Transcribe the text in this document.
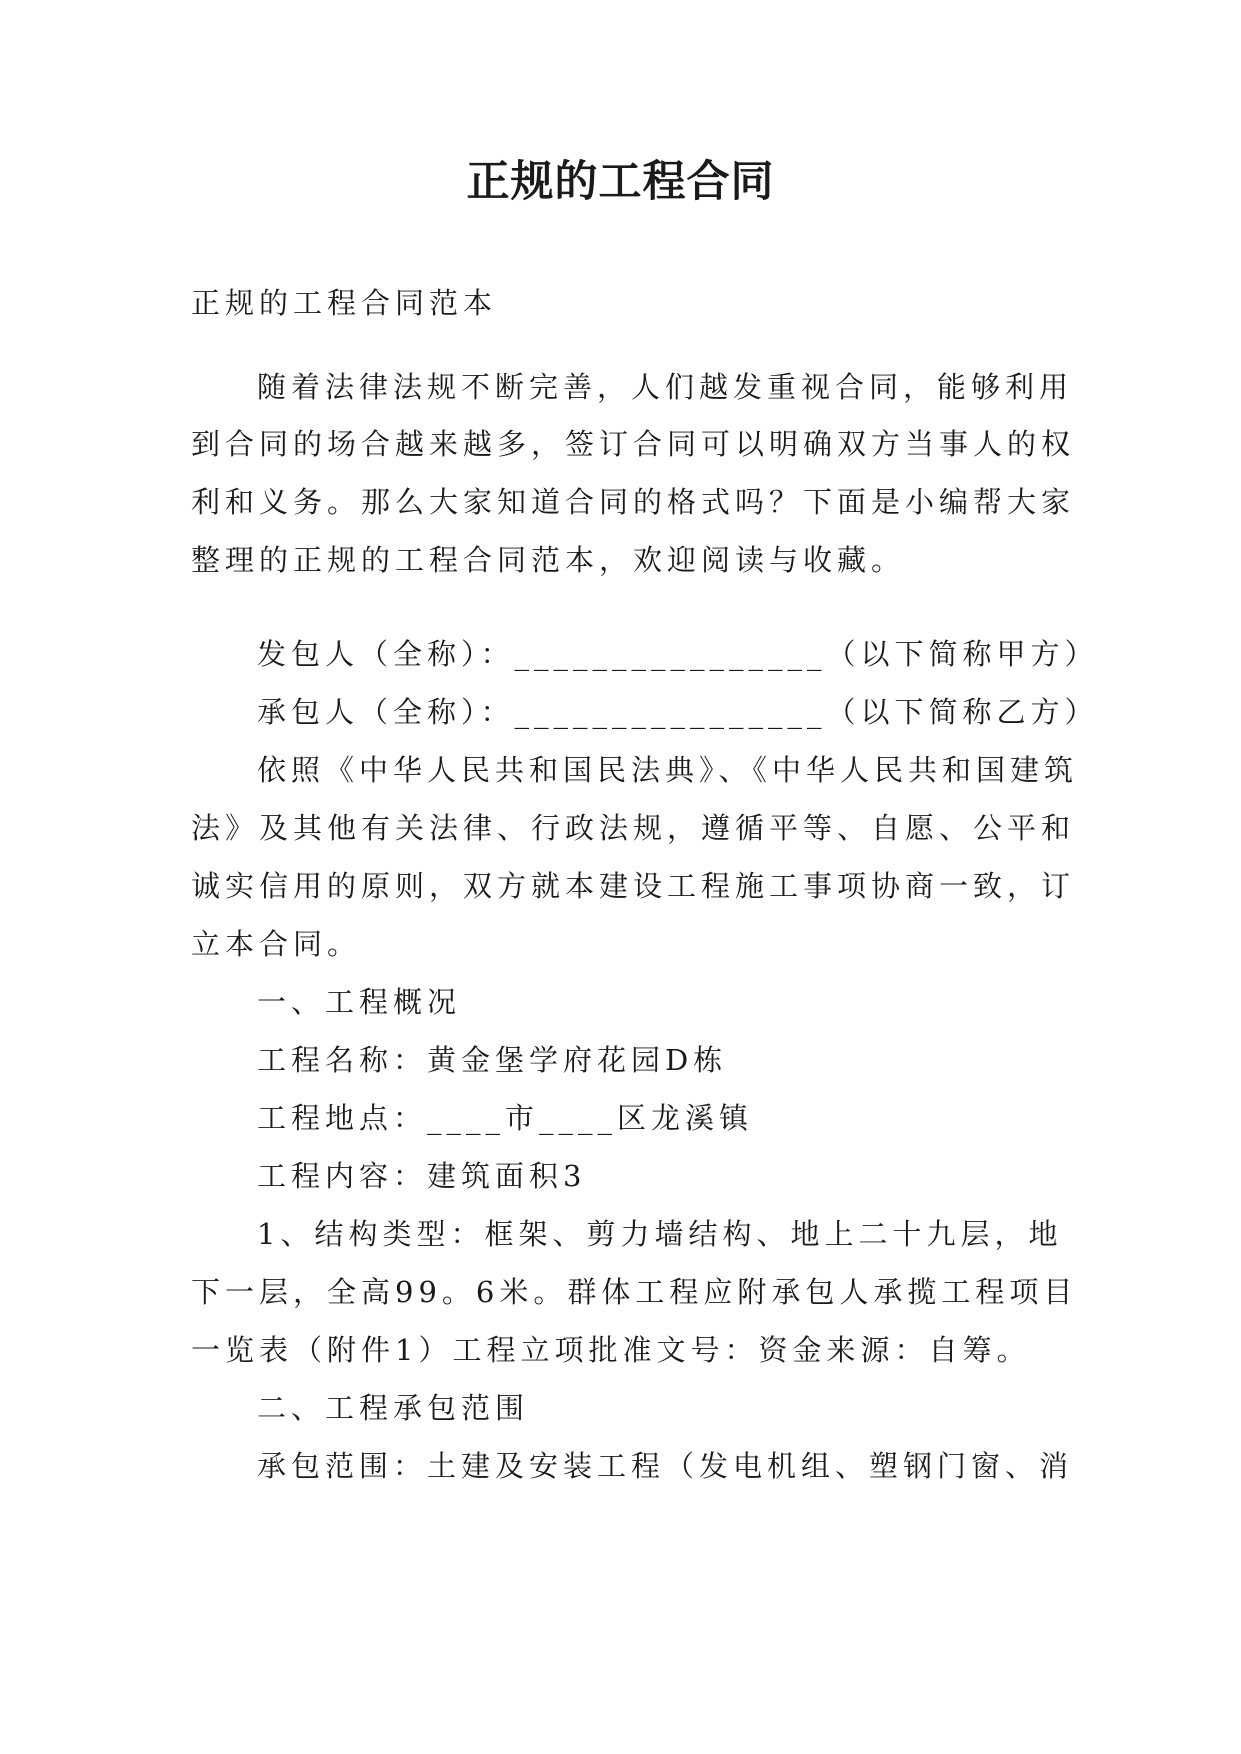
正规的工程合同

正规的工程合同范本

随着法律法规不断完善，人们越发重视合同，能够利用

到合同的场合越来越多，签订合同可以明确双方当事人的权

利和义务。那么大家知道合同的格式吗？下面是小编帮大家

整理的正规的工程合同范本，欢迎阅读与收藏。

发包人（全称）：________________（以下简称甲方）

承包人（全称）：________________（以下简称乙方）

依照《中华人民共和国民法典》、《中华人民共和国建筑

法》及其他有关法律、行政法规，遵循平等、自愿、公平和

诚实信用的原则，双方就本建设工程施工事项协商一致，订

立本合同。

一、工程概况

工程名称：黄金堡学府花园D栋

工程地点：____市____区龙溪镇

工程内容：建筑面积3

1、结构类型：框架、剪力墙结构、地上二十九层，地

下一层，全高99。6米。群体工程应附承包人承揽工程项目

一览表（附件1）工程立项批准文号：资金来源：自筹。

二、工程承包范围

承包范围：土建及安装工程（发电机组、塑钢门窗、消
